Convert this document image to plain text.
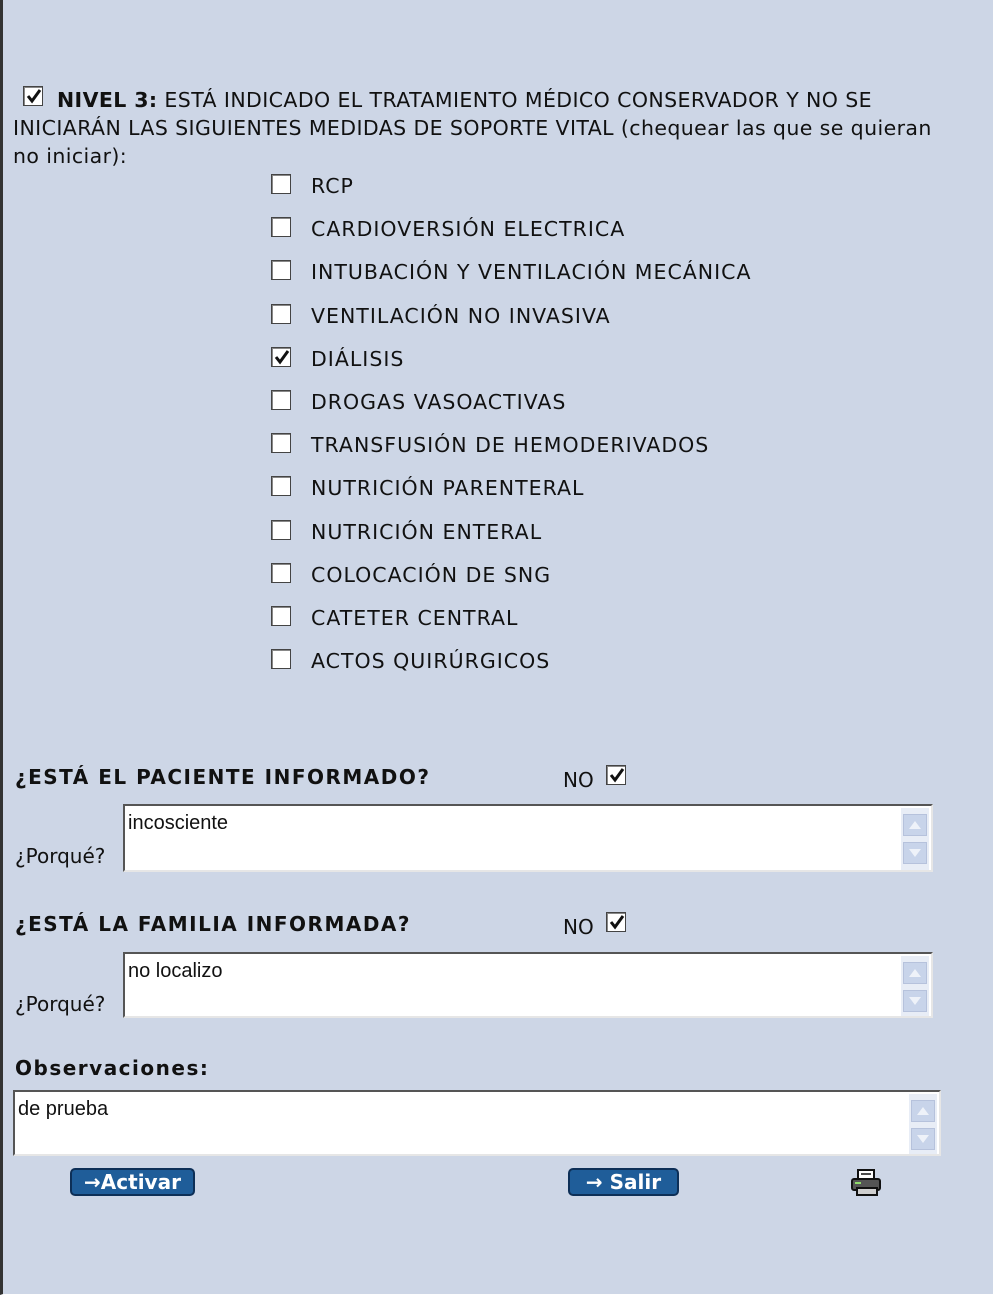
NIVEL 3: ESTÁ INDICADO EL TRATAMIENTO MÉDICO CONSERVADOR Y NO SE INICIARÁN LAS SIGUIENTES MEDIDAS DE SOPORTE VITAL (chequear las que se quieran no iniciar):
RCP
CARDIOVERSIÓN ELECTRICA
INTUBACIÓN Y VENTILACIÓN MECÁNICA
VENTILACIÓN NO INVASIVA
DIÁLISIS
DROGAS VASOACTIVAS
TRANSFUSIÓN DE HEMODERIVADOS
NUTRICIÓN PARENTERAL
NUTRICIÓN ENTERAL
COLOCACIÓN DE SNG
CATETER CENTRAL
ACTOS QUIRÚRGICOS
¿ESTÁ EL PACIENTE INFORMADO?	NO
¿Porqué?
incosciente
¿ESTÁ LA FAMILIA INFORMADA?	NO
¿Porqué?
no localizo
Observaciones:
de prueba
→Activar	→ Salir
